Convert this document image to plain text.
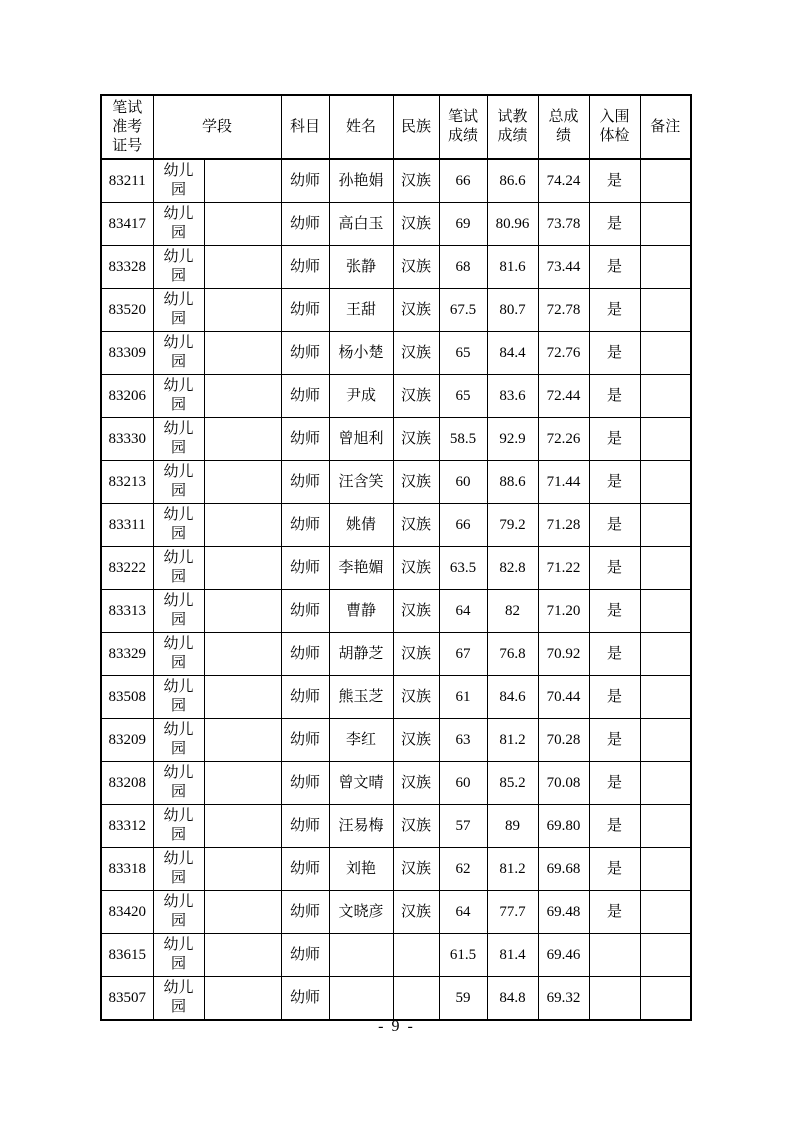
笔试准考证号	学段		科目	姓名	民族	笔试成绩	试教成绩	总成绩	入围体检	备注
83211	幼儿园		幼师	孙艳娟	汉族	66	86.6	74.24	是	
83417	幼儿园		幼师	高白玉	汉族	69	80.96	73.78	是	
83328	幼儿园		幼师	张静	汉族	68	81.6	73.44	是	
83520	幼儿园		幼师	王甜	汉族	67.5	80.7	72.78	是	
83309	幼儿园		幼师	杨小楚	汉族	65	84.4	72.76	是	
83206	幼儿园		幼师	尹成	汉族	65	83.6	72.44	是	
83330	幼儿园		幼师	曾旭利	汉族	58.5	92.9	72.26	是	
83213	幼儿园		幼师	汪含笑	汉族	60	88.6	71.44	是	
83311	幼儿园		幼师	姚倩	汉族	66	79.2	71.28	是	
83222	幼儿园		幼师	李艳媚	汉族	63.5	82.8	71.22	是	
83313	幼儿园		幼师	曹静	汉族	64	82	71.20	是	
83329	幼儿园		幼师	胡静芝	汉族	67	76.8	70.92	是	
83508	幼儿园		幼师	熊玉芝	汉族	61	84.6	70.44	是	
83209	幼儿园		幼师	李红	汉族	63	81.2	70.28	是	
83208	幼儿园		幼师	曾文晴	汉族	60	85.2	70.08	是	
83312	幼儿园		幼师	汪易梅	汉族	57	89	69.80	是	
83318	幼儿园		幼师	刘艳	汉族	62	81.2	69.68	是	
83420	幼儿园		幼师	文晓彦	汉族	64	77.7	69.48	是	
83615	幼儿园		幼师			61.5	81.4	69.46		
83507	幼儿园		幼师			59	84.8	69.32		
- 9 -
